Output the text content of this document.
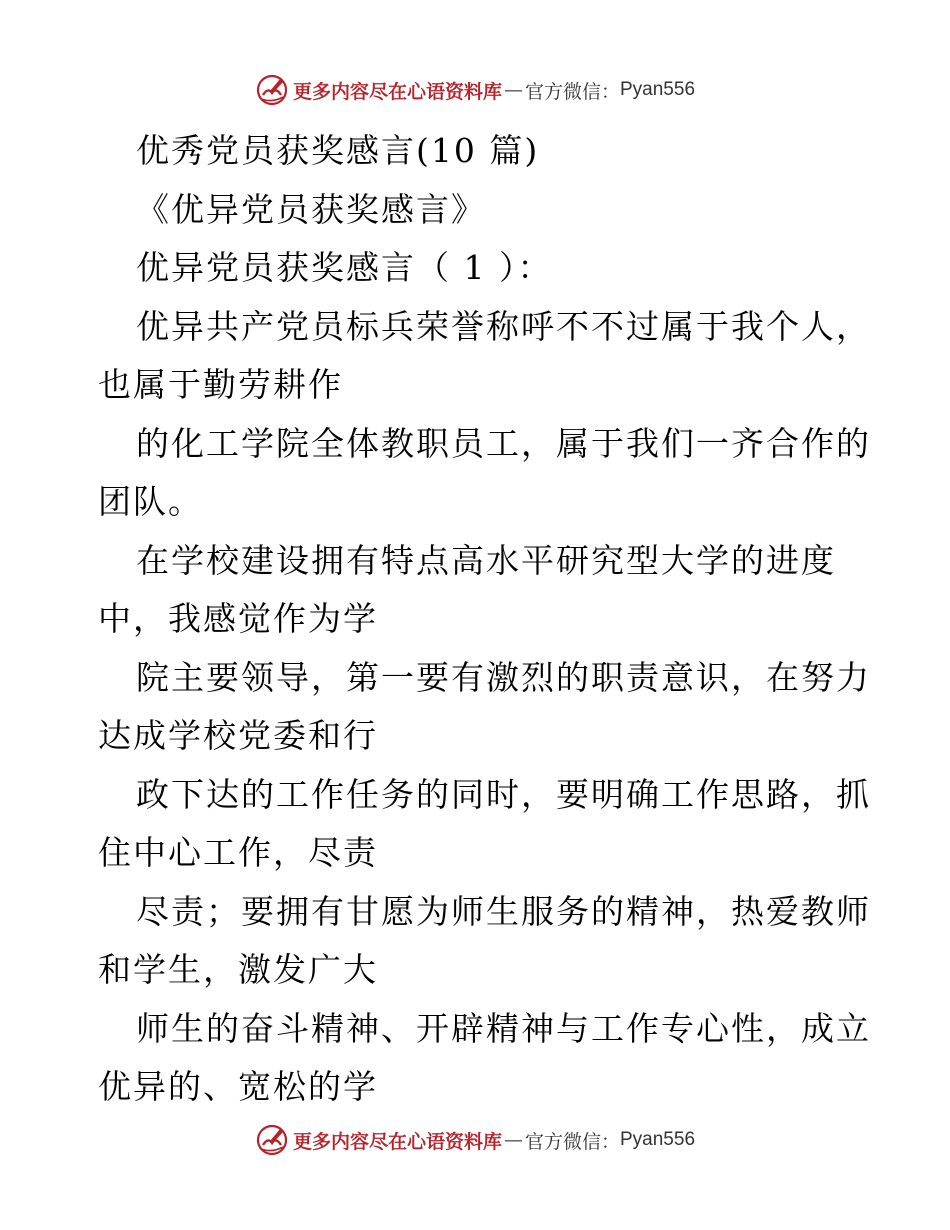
更多内容尽在心语资料库 — 官方微信： Pyan556
优秀党员获奖感言(10 篇)
《优异党员获奖感言》
优异党员获奖感言（ 1 ）：
优异共产党员标兵荣誉称呼不不过属于我个人，
也属于勤劳耕作
的化工学院全体教职员工，属于我们一齐合作的
团队。
在学校建设拥有特点高水平研究型大学的进度
中，我感觉作为学
院主要领导，第一要有激烈的职责意识，在努力
达成学校党委和行
政下达的工作任务的同时，要明确工作思路，抓
住中心工作，尽责
尽责；要拥有甘愿为师生服务的精神，热爱教师
和学生，激发广大
师生的奋斗精神、开辟精神与工作专心性，成立
优异的、宽松的学
更多内容尽在心语资料库 — 官方微信： Pyan556
